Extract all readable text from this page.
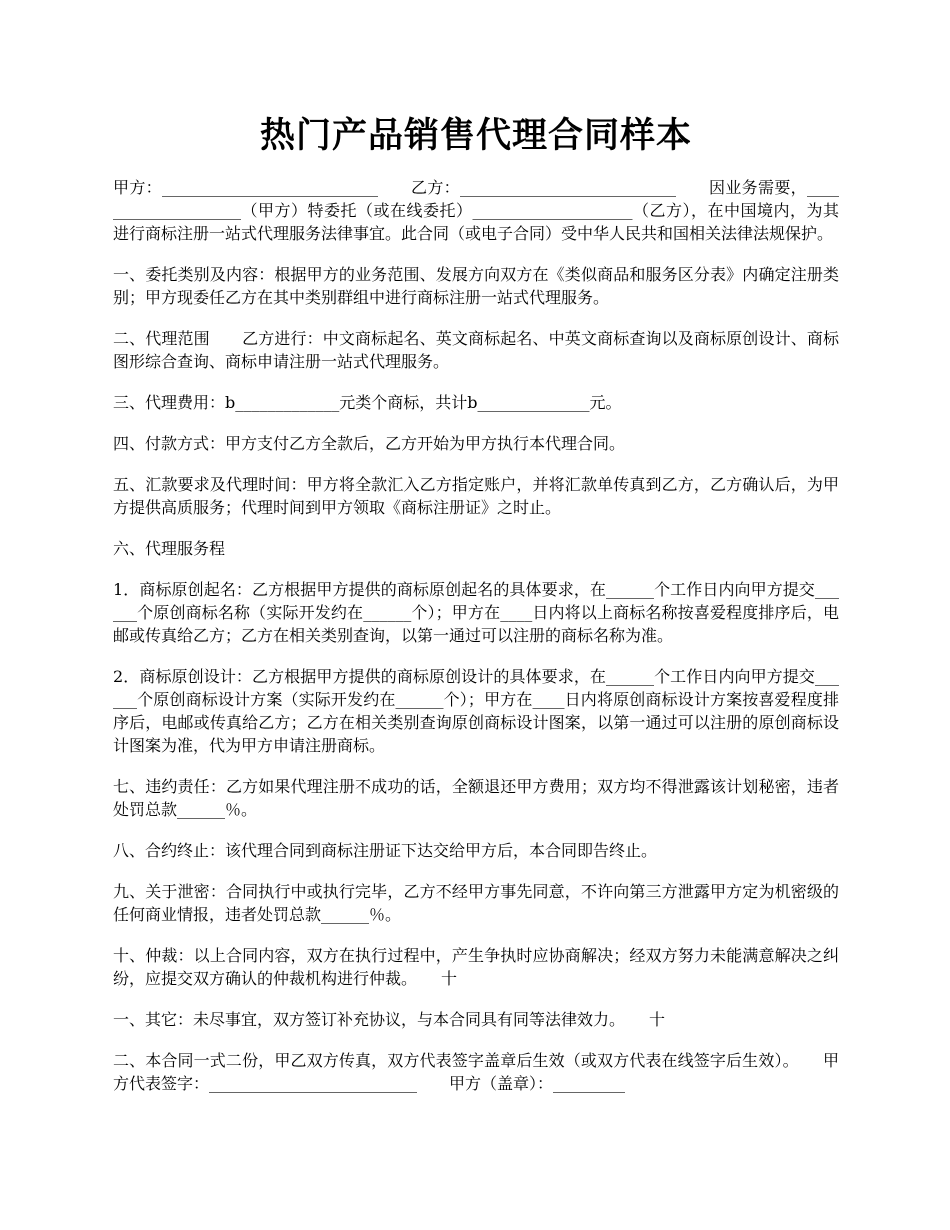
热门产品销售代理合同样本
甲方：___________________________　　乙方：___________________________　　因业务需要，____________________（甲方）特委托（或在线委托）____________________（乙方），在中国境内，为其进行商标注册一站式代理服务法律事宜。此合同（或电子合同）受中华人民共和国相关法律法规保护。
一、委托类别及内容：根据甲方的业务范围、发展方向双方在《类似商品和服务区分表》内确定注册类别；甲方现委任乙方在其中类别群组中进行商标注册一站式代理服务。
二、代理范围　　乙方进行：中文商标起名、英文商标起名、中英文商标查询以及商标原创设计、商标图形综合查询、商标申请注册一站式代理服务。
三、代理费用：b_____________元类个商标，共计b______________元。
四、付款方式：甲方支付乙方全款后，乙方开始为甲方执行本代理合同。
五、汇款要求及代理时间：甲方将全款汇入乙方指定账户，并将汇款单传真到乙方，乙方确认后，为甲方提供高质服务；代理时间到甲方领取《商标注册证》之时止。
六、代理服务程
1．商标原创起名：乙方根据甲方提供的商标原创起名的具体要求，在______个工作日内向甲方提交______个原创商标名称（实际开发约在______个）；甲方在____日内将以上商标名称按喜爱程度排序后，电邮或传真给乙方；乙方在相关类别查询，以第一通过可以注册的商标名称为准。
2．商标原创设计：乙方根据甲方提供的商标原创设计的具体要求，在______个工作日内向甲方提交______个原创商标设计方案（实际开发约在______个）；甲方在____日内将原创商标设计方案按喜爱程度排序后，电邮或传真给乙方；乙方在相关类别查询原创商标设计图案，以第一通过可以注册的原创商标设计图案为准，代为甲方申请注册商标。
七、违约责任：乙方如果代理注册不成功的话，全额退还甲方费用；双方均不得泄露该计划秘密，违者处罚总款______％。
八、合约终止：该代理合同到商标注册证下达交给甲方后，本合同即告终止。
九、关于泄密：合同执行中或执行完毕，乙方不经甲方事先同意，不许向第三方泄露甲方定为机密级的任何商业情报，违者处罚总款______％。
十、仲裁：以上合同内容，双方在执行过程中，产生争执时应协商解决；经双方努力未能满意解决之纠纷，应提交双方确认的仲裁机构进行仲裁。　　十
一、其它：未尽事宜，双方签订补充协议，与本合同具有同等法律效力。　　十
二、本合同一式二份，甲乙双方传真，双方代表签字盖章后生效（或双方代表在线签字后生效）。　　甲方代表签字：__________________________　　甲方（盖章）：_________
